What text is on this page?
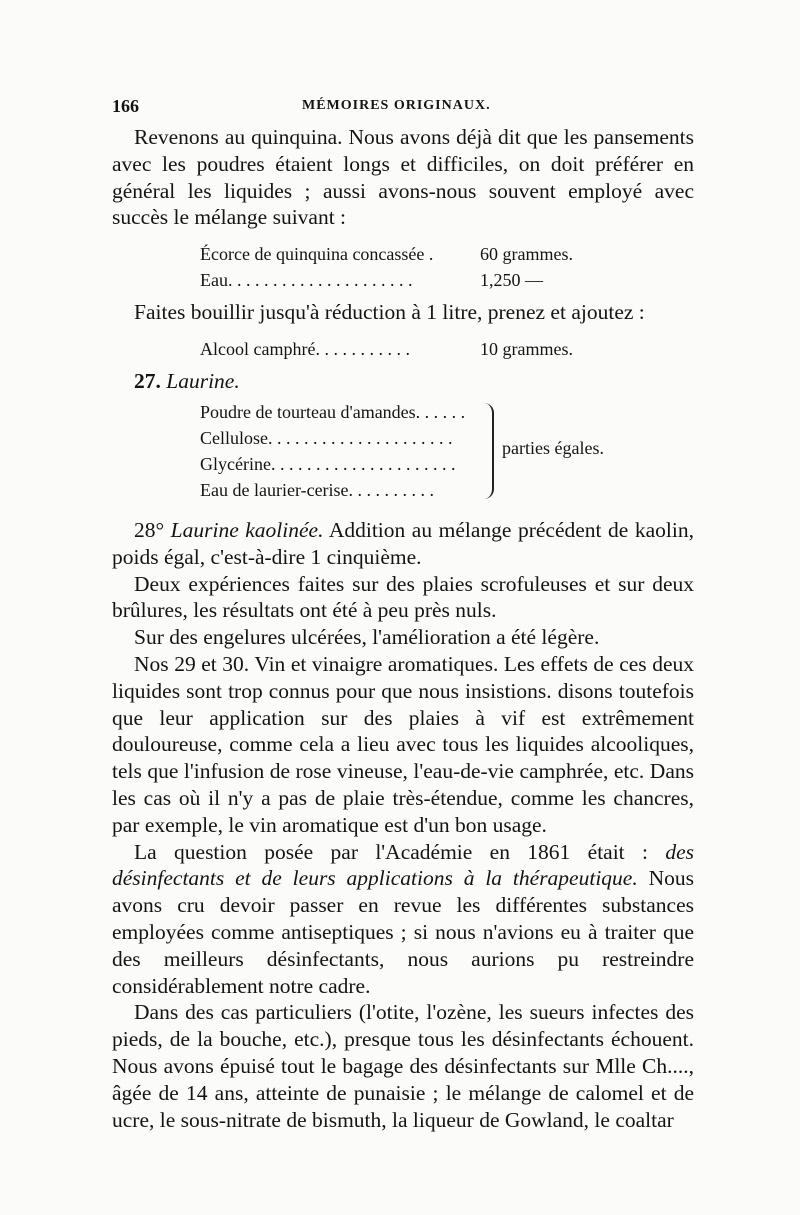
166	MÉMOIRES ORIGINAUX.

Revenons au quinquina. Nous avons déjà dit que les pansements avec les poudres étaient longs et difficiles, on doit préférer en général les liquides ; aussi avons-nous souvent employé avec succès le mélange suivant :

Écorce de quinquina concassée .	60 grammes.
Eau. . . . . . . . . . . . . . . . . . . . .	1,250 —

Faites bouillir jusqu'à réduction à 1 litre, prenez et ajoutez :

Alcool camphré. . . . . . . . . . .	10 grammes.
27. Laurine.
Poudre de tourteau d'amandes. . . . . .
Cellulose. . . . . . . . . . . . . . . . . . . . .
Glycérine. . . . . . . . . . . . . . . . . . . . .
Eau de laurier-cerise. . . . . . . . . .
parties égales.

28° Laurine kaolinée. Addition au mélange précédent de kaolin, poids égal, c'est-à-dire 1 cinquième.

Deux expériences faites sur des plaies scrofuleuses et sur deux brûlures, les résultats ont été à peu près nuls.

Sur des engelures ulcérées, l'amélioration a été légère.

Nos 29 et 30. Vin et vinaigre aromatiques. Les effets de ces deux liquides sont trop connus pour que nous insistions. disons toutefois que leur application sur des plaies à vif est extrêmement douloureuse, comme cela a lieu avec tous les liquides alcooliques, tels que l'infusion de rose vineuse, l'eau-de-vie camphrée, etc. Dans les cas où il n'y a pas de plaie très-étendue, comme les chancres, par exemple, le vin aromatique est d'un bon usage.

La question posée par l'Académie en 1861 était : des désinfectants et de leurs applications à la thérapeutique. Nous avons cru devoir passer en revue les différentes substances employées comme antiseptiques ; si nous n'avions eu à traiter que des meilleurs désinfectants, nous aurions pu restreindre considérablement notre cadre.

Dans des cas particuliers (l'otite, l'ozène, les sueurs infectes des pieds, de la bouche, etc.), presque tous les désinfectants échouent. Nous avons épuisé tout le bagage des désinfectants sur Mlle Ch...., âgée de 14 ans, atteinte de punaisie ; le mélange de calomel et de ucre, le sous-nitrate de bismuth, la liqueur de Gowland, le coaltar
